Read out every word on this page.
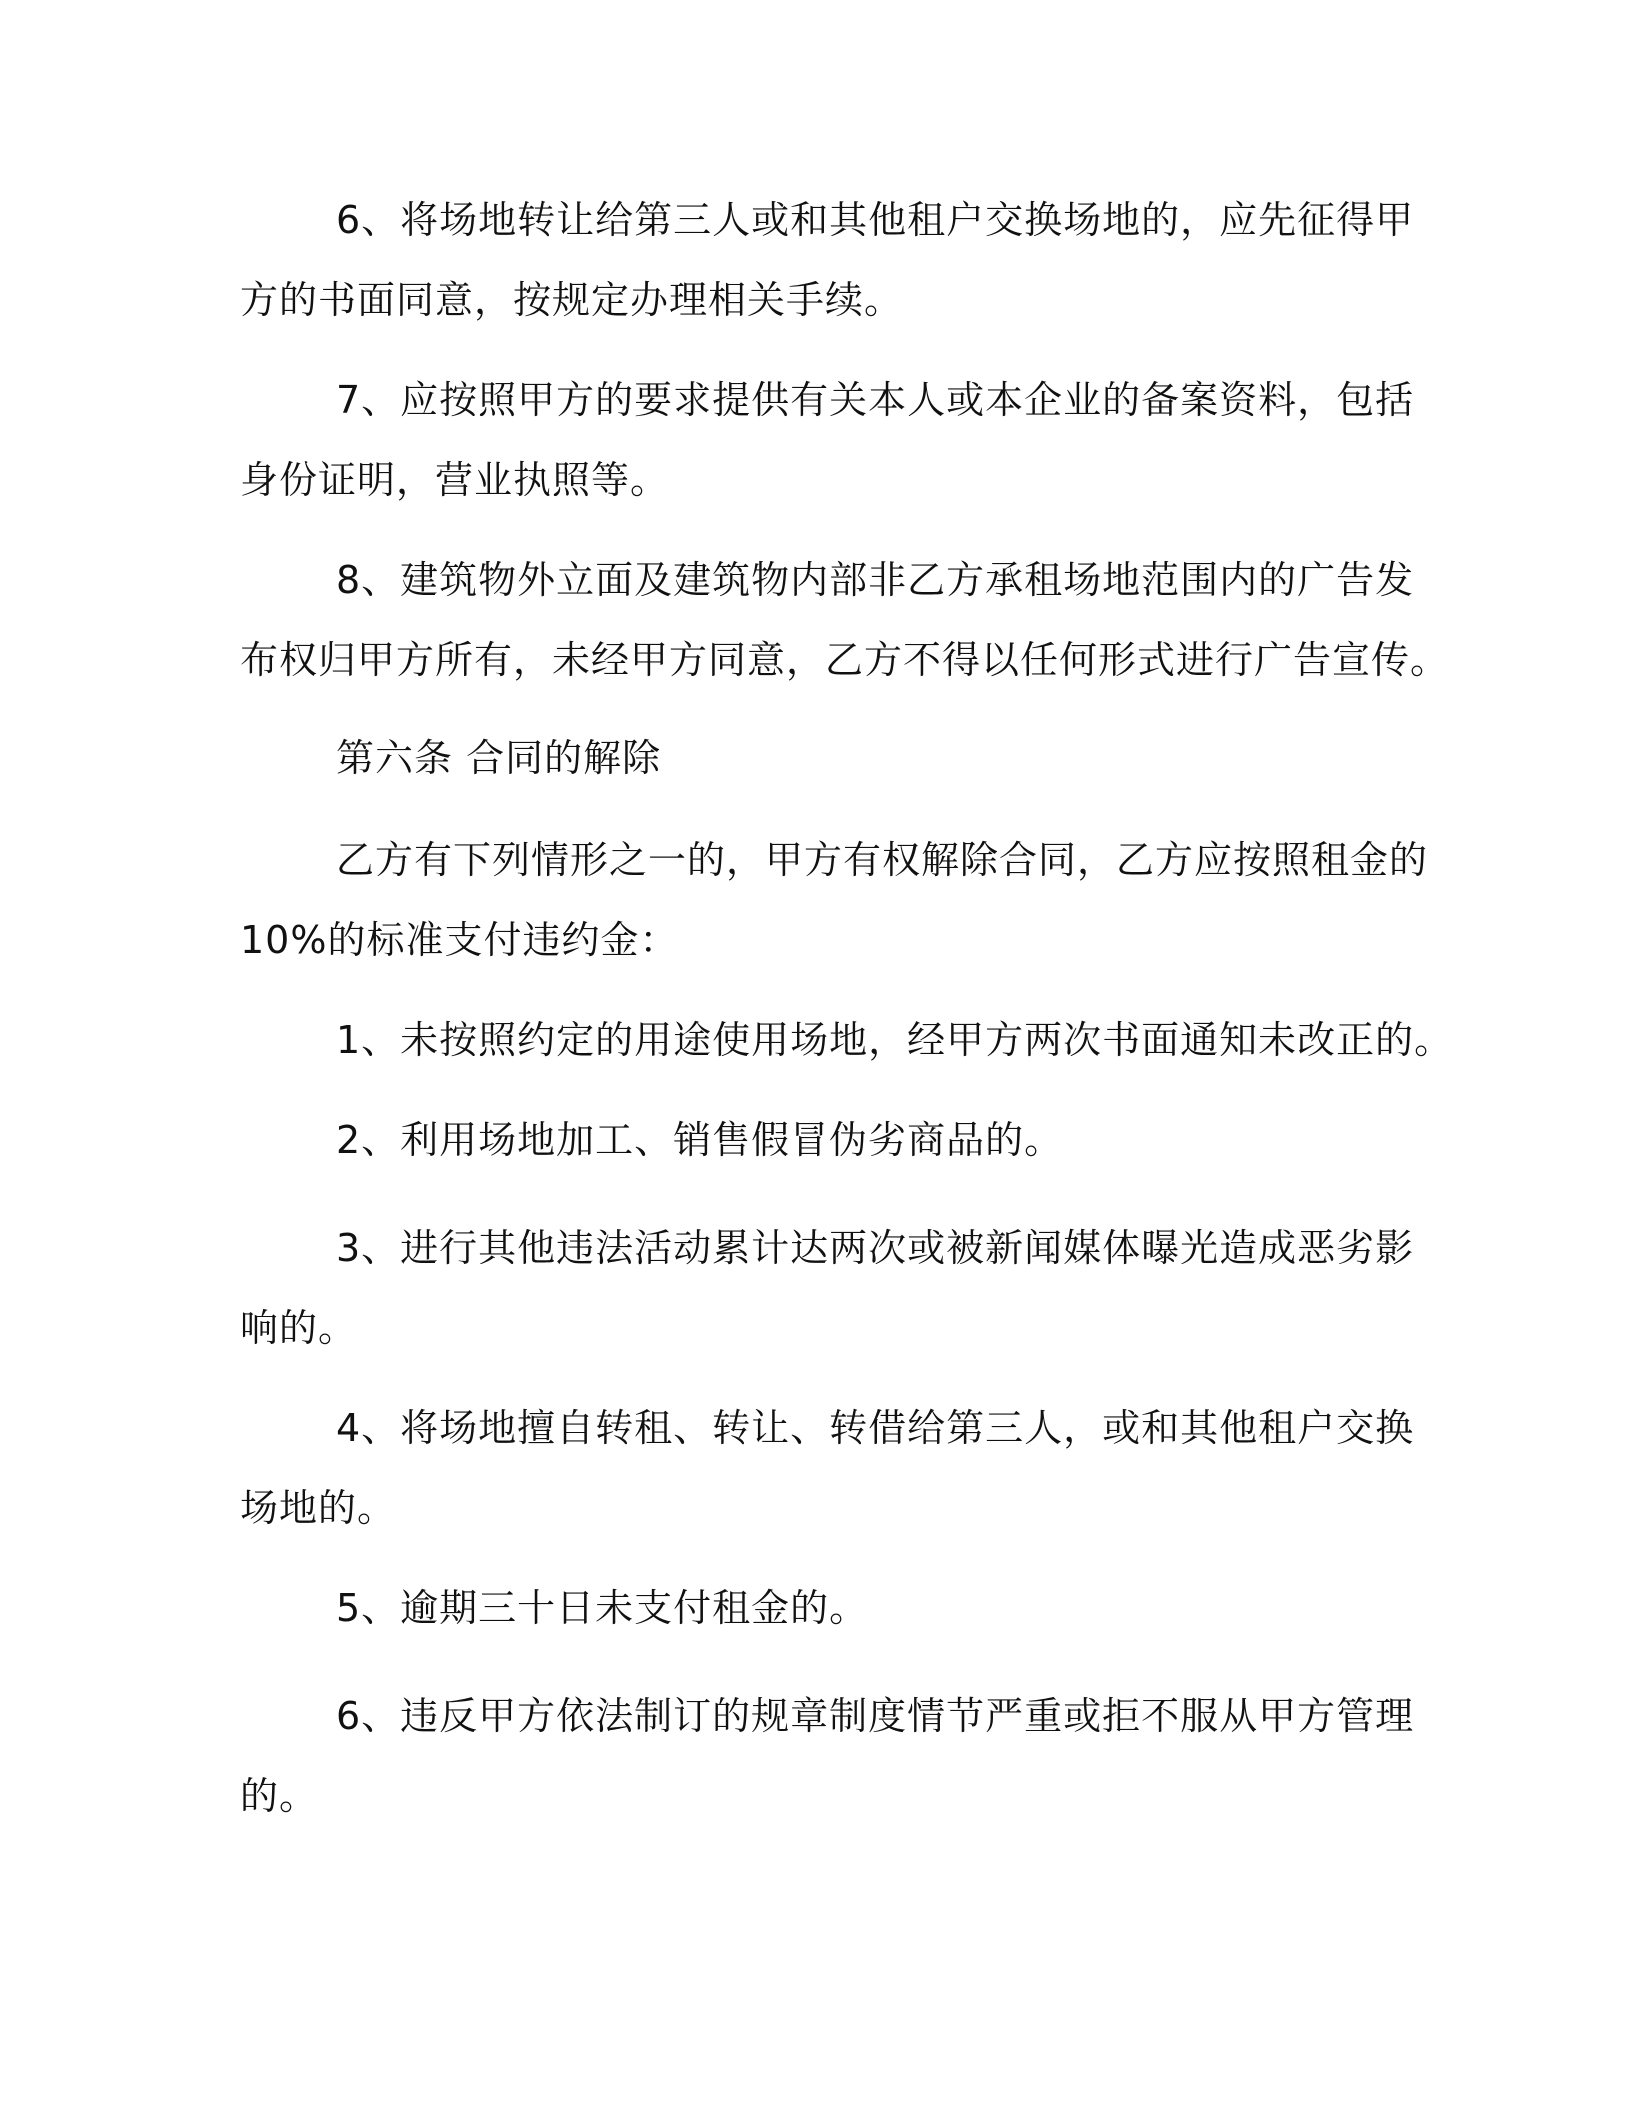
6、将场地转让给第三人或和其他租户交换场地的，应先征得甲
方的书面同意，按规定办理相关手续。
7、应按照甲方的要求提供有关本人或本企业的备案资料，包括
身份证明，营业执照等。
8、建筑物外立面及建筑物内部非乙方承租场地范围内的广告发
布权归甲方所有，未经甲方同意，乙方不得以任何形式进行广告宣传。
第六条 合同的解除
乙方有下列情形之一的，甲方有权解除合同，乙方应按照租金的
10%的标准支付违约金：
1、未按照约定的用途使用场地，经甲方两次书面通知未改正的。
2、利用场地加工、销售假冒伪劣商品的。
3、进行其他违法活动累计达两次或被新闻媒体曝光造成恶劣影
响的。
4、将场地擅自转租、转让、转借给第三人，或和其他租户交换
场地的。
5、逾期三十日未支付租金的。
6、违反甲方依法制订的规章制度情节严重或拒不服从甲方管理
的。
